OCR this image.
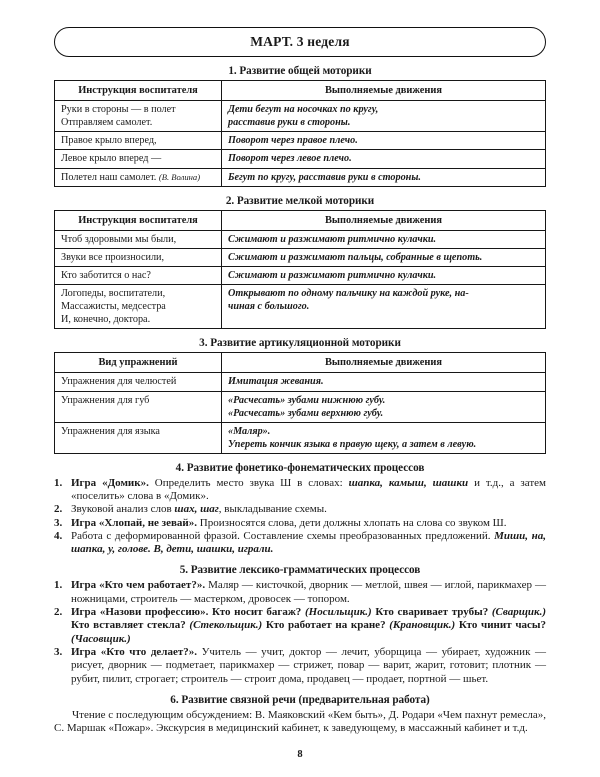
МАРТ. 3 неделя
1. Развитие общей моторики
Инструкция воспитателя	Выполняемые движения

Руки в стороны — в полет
Отправляем самолет.	Дети бегут на носочках по кругу,
расставив руки в стороны.

Правое крыло вперед,	Поворот через правое плечо.

Левое крыло вперед —	Поворот через левое плечо.

Полетел наш самолет. (В. Волина)	Бегут по кругу, расставив руки в стороны.
2. Развитие мелкой моторики
Инструкция воспитателя	Выполняемые движения

Чтоб здоровыми мы были,	Сжимают и разжимают ритмично кулачки.

Звуки все произносили,	Сжимают и разжимают пальцы, собранные в щепоть.

Кто заботится о нас?	Сжимают и разжимают ритмично кулачки.

Логопеды, воспитатели,
Массажисты, медсестра
И, конечно, доктора.	Открывают по одному пальчику на каждой руке, на-
чиная с большого.
3. Развитие артикуляционной моторики
Вид упражнений	Выполняемые движения

Упражнения для челюстей	Имитация жевания.

Упражнения для губ	«Расчесать» зубами нижнюю губу.
«Расчесать» зубами верхнюю губу.

Упражнения для языка	«Маляр».
Упереть кончик языка в правую щеку, а затем в левую.
4. Развитие фонетико-фонематических процессов
Игра «Домик». Определить место звука Ш в словах: шапка, камыш, шашки и т.д., а затем «поселить» слова в «Домик».
Звуковой анализ слов шах, шаг, выкладывание схемы.
Игра «Хлопай, не зевай». Произносятся слова, дети должны хлопать на слова со звуком Ш.
Работа с деформированной фразой. Составление схемы преобразованных предложений. Миши, на, шапка, у, голове. В, дети, шашки, играли.
5. Развитие лексико-грамматических процессов
Игра «Кто чем работает?». Маляр — кисточкой, дворник — метлой, швея — иглой, парикмахер — ножницами, строитель — мастерком, дровосек — топором.
Игра «Назови профессию». Кто носит багаж? (Носильщик.) Кто сваривает трубы? (Сварщик.) Кто вставляет стекла? (Стекольщик.) Кто работает на кране? (Крановщик.) Кто чинит часы? (Часовщик.)
Игра «Кто что делает?». Учитель — учит, доктор — лечит, уборщица — убирает, художник — рисует, дворник — подметает, парикмахер — стрижет, повар — варит, жарит, готовит; плотник — рубит, пилит, строгает; строитель — строит дома, продавец — продает, портной — шьет.
6. Развитие связной речи (предварительная работа)

Чтение с последующим обсуждением: В. Маяковский «Кем быть», Д. Родари «Чем пахнут ремесла», С. Маршак «Пожар». Экскурсия в медицинский кабинет, к заведующему, в массажный кабинет и т.д.

8
